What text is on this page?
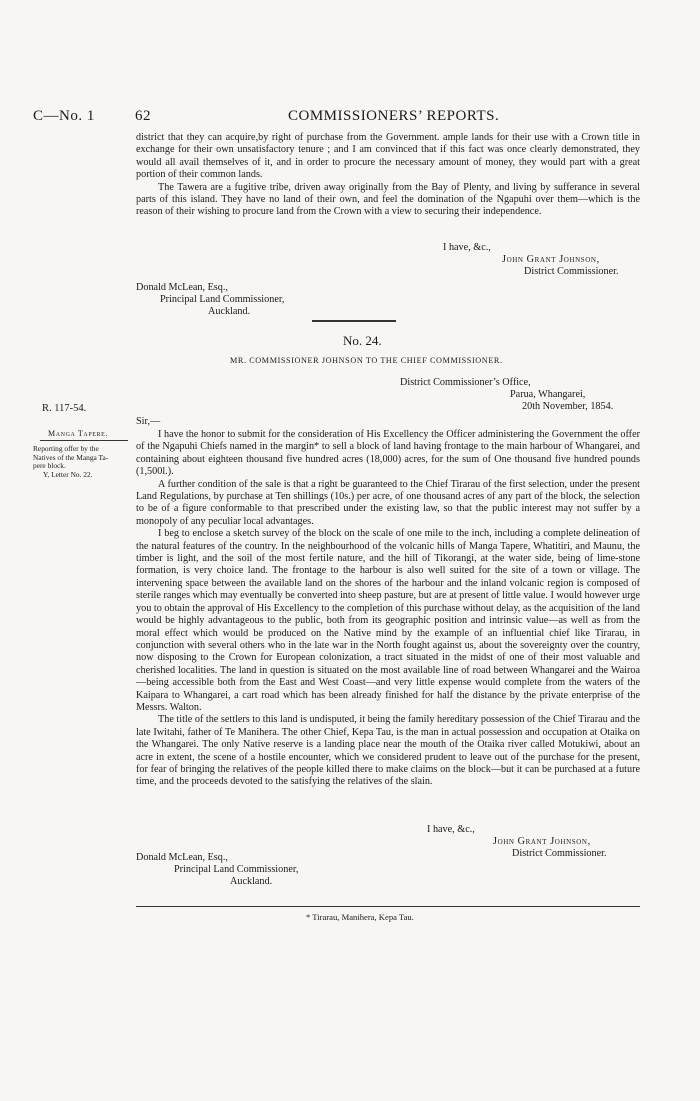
C—No. 1	62	COMMISSIONERS’ REPORTS.

district that they can acquire,by right of purchase from the Government. ample lands for their use with a Crown title in exchange for their own unsatisfactory tenure ; and I am convinced that if this fact was once clearly demonstrated, they would all avail themselves of it, and in order to procure the necessary amount of money, they would part with a great portion of their common lands.

The Tawera are a fugitive tribe, driven away originally from the Bay of Plenty, and living by sufferance in several parts of this island. They have no land of their own, and feel the domination of the Ngapuhi over them—which is the reason of their wishing to procure land from the Crown with a view to securing their independence.

I have, &c.,
John Grant Johnson,
District Commissioner.
Donald McLean, Esq.,
Principal Land Commissioner,
Auckland.
No. 24.
MR. COMMISSIONER JOHNSON TO THE CHIEF COMMISSIONER.
District Commissioner’s Office,
Parua, Whangarei,
20th November, 1854.
R. 117-54.
Sir,—
Manga Tapere.
Reporting offer by the
Natives of the Manga Ta-
pere block.
Y, Letter No. 22.

I have the honor to submit for the consideration of His Excellency the Officer administering the Government the offer of the Ngapuhi Chiefs named in the margin* to sell a block of land having frontage to the main harbour of Whangarei, and containing about eighteen thousand five hundred acres (18,000) acres, for the sum of One thousand five hundred pounds (1,500l.).

A further condition of the sale is that a right be guaranteed to the Chief Tirarau of the first selection, under the present Land Regulations, by purchase at Ten shillings (10s.) per acre, of one thousand acres of any part of the block, the selection to be of a figure conformable to that prescribed under the existing law, so that the public interest may not suffer by a monopoly of any peculiar local advantages.

I beg to enclose a sketch survey of the block on the scale of one mile to the inch, including a complete delineation of the natural features of the country. In the neighbourhood of the volcanic hills of Manga Tapere, Whatitiri, and Maunu, the timber is light, and the soil of the most fertile nature, and the hill of Tikorangi, at the water side, being of lime-stone formation, is very choice land. The frontage to the harbour is also well suited for the site of a town or village. The intervening space between the available land on the shores of the harbour and the inland volcanic region is composed of sterile ranges which may eventually be converted into sheep pasture, but are at present of little value. I would however urge you to obtain the approval of His Excellency to the completion of this purchase without delay, as the acquisition of the land would be highly advantageous to the public, both from its geographic position and intrinsic value—as well as from the moral effect which would be produced on the Native mind by the example of an influential chief like Tirarau, in conjunction with several others who in the late war in the North fought against us, about the sovereignty over the country, now disposing to the Crown for European colonization, a tract situated in the midst of one of their most valuable and cherished localities. The land in question is situated on the most available line of road between Whangarei and the Wairoa—being accessible both from the East and West Coast—and very little expense would complete from the waters of the Kaipara to Whangarei, a cart road which has been already finished for half the distance by the private enterprise of the Messrs. Walton.

The title of the settlers to this land is undisputed, it being the family hereditary possession of the Chief Tirarau and the late Iwitahi, father of Te Manihera. The other Chief, Kepa Tau, is the man in actual possession and occupation at Otaika on the Whangarei. The only Native reserve is a landing place near the mouth of the Otaika river called Motukiwi, about an acre in extent, the scene of a hostile encounter, which we considered prudent to leave out of the purchase for the present, for fear of bringing the relatives of the people killed there to make claims on the block—but it can be purchased at a future time, and the proceeds devoted to the satisfying the relatives of the slain.

I have, &c.,
John Grant Johnson,
District Commissioner.
Donald McLean, Esq.,
Principal Land Commissioner,
Auckland.
* Tirarau, Manihera, Kepa Tau.
